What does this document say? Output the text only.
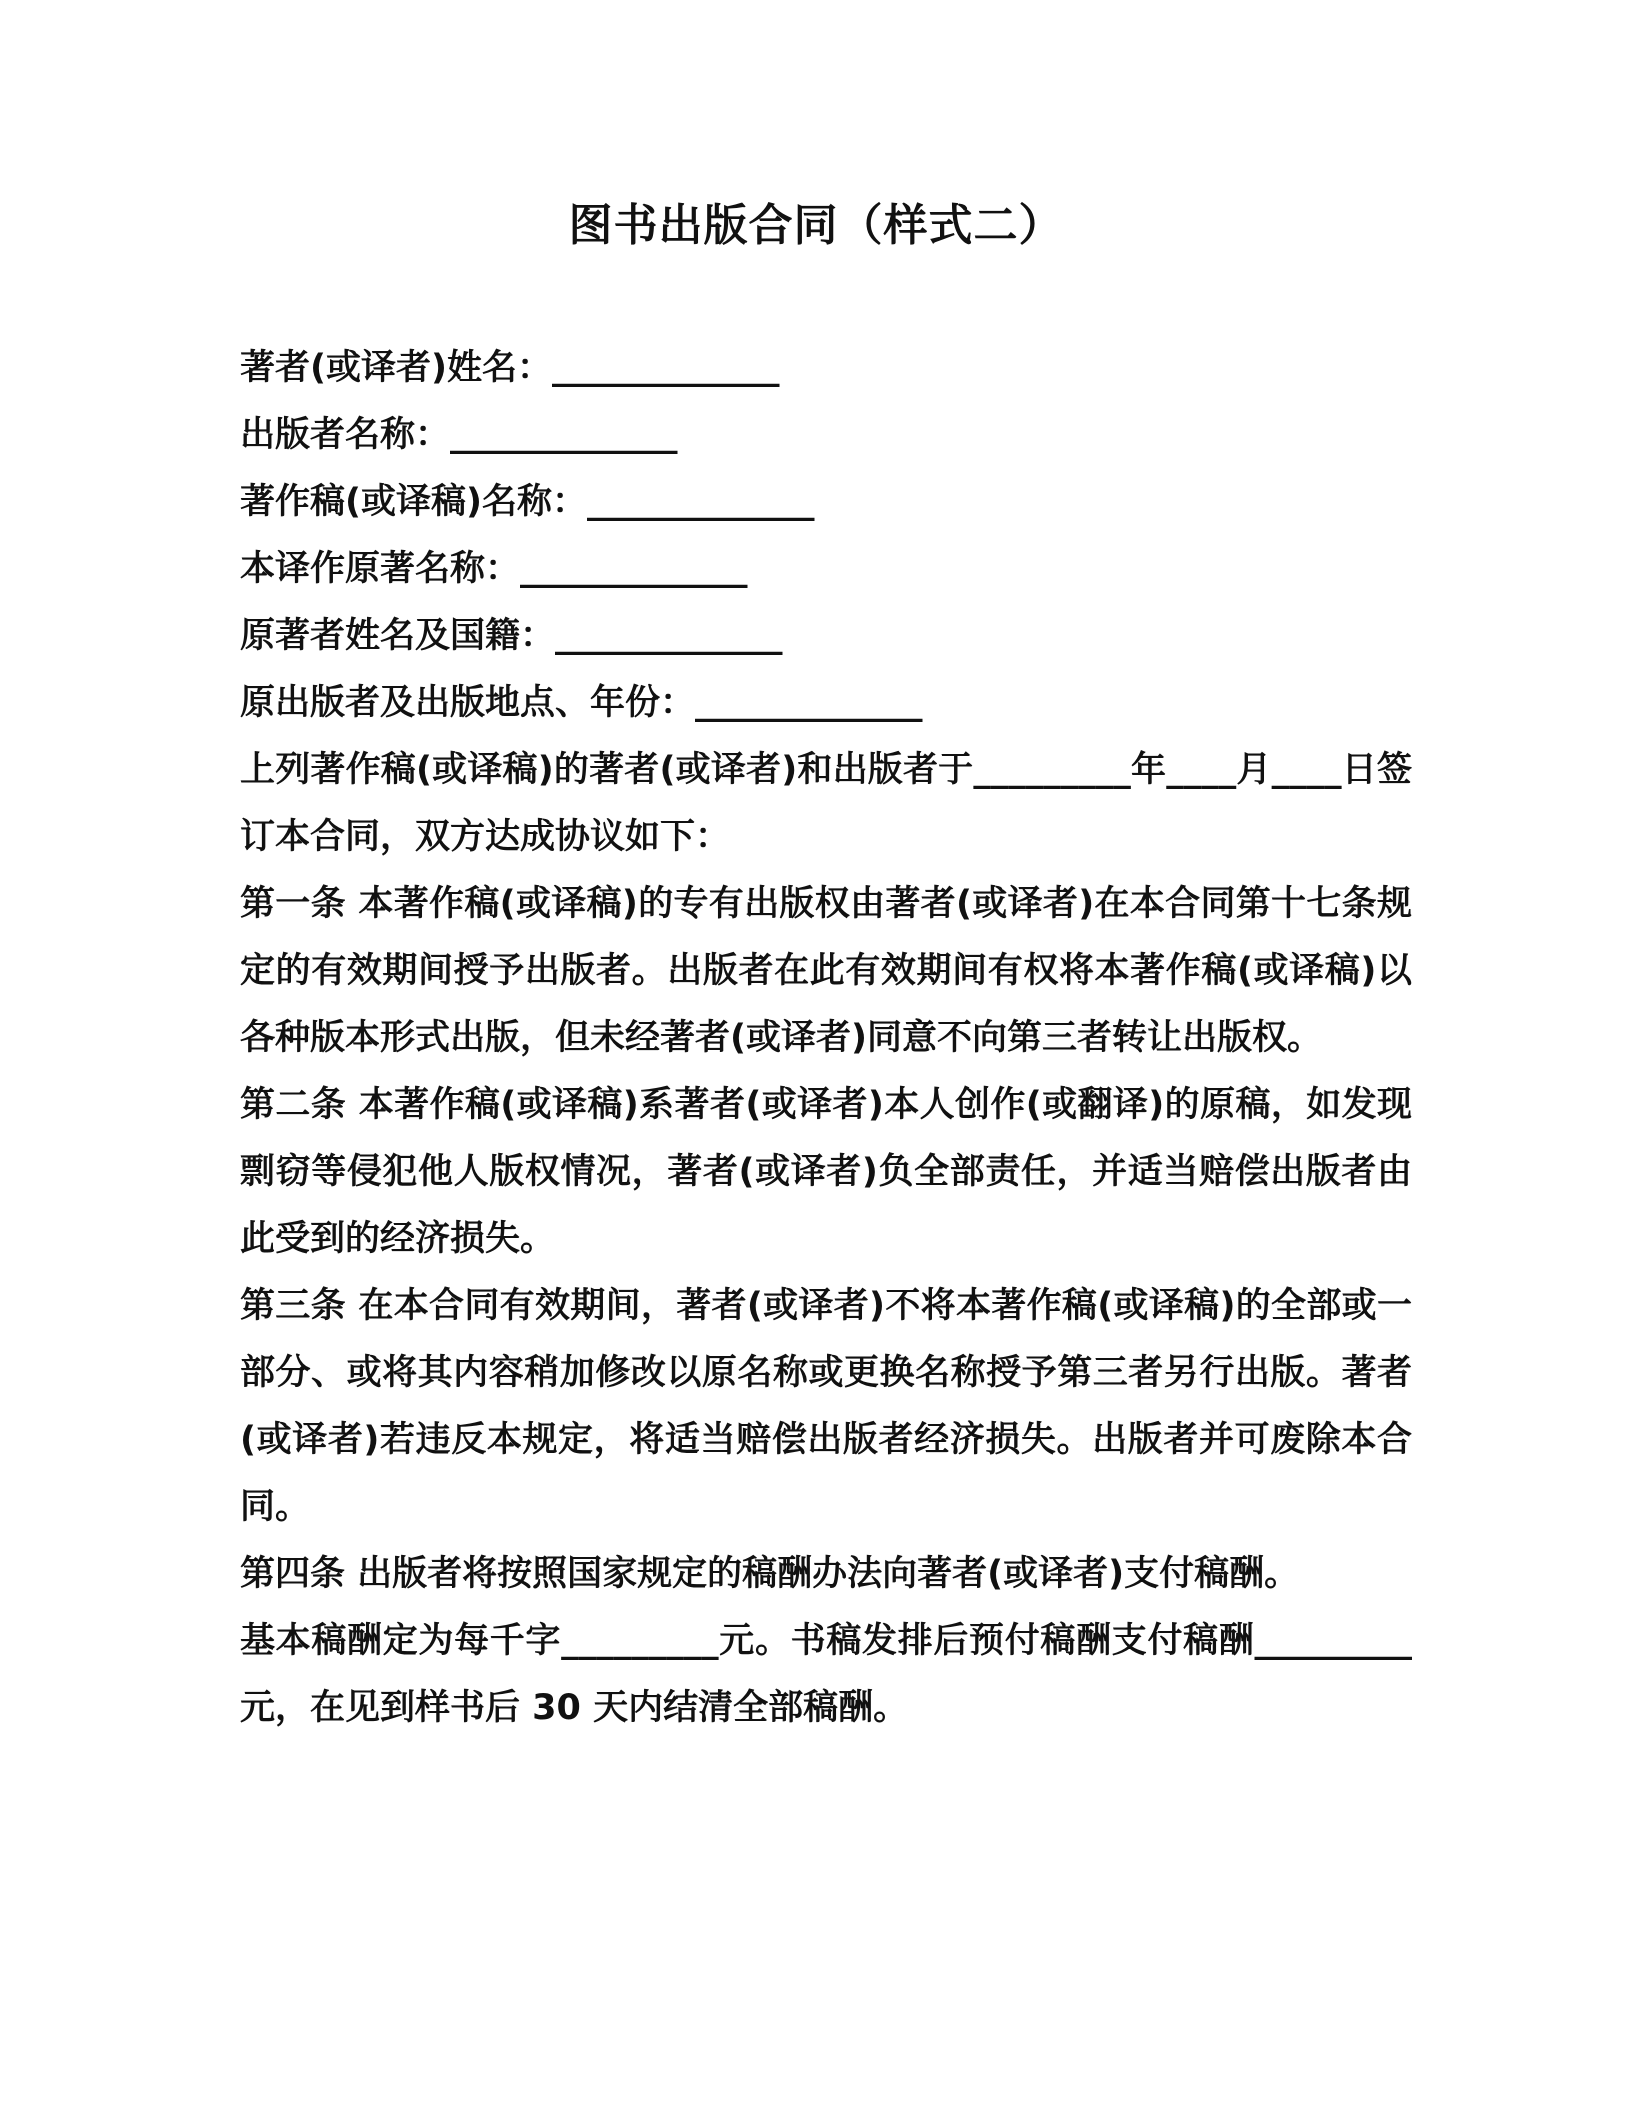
图书出版合同（样式二）

著者(或译者)姓名：_____________

出版者名称：_____________

著作稿(或译稿)名称：_____________

本译作原著名称：_____________

原著者姓名及国籍：_____________

原出版者及出版地点、年份：_____________

上列著作稿(或译稿)的著者(或译者)和出版者于_________年____月____日签订本合同，双方达成协议如下：

第一条 本著作稿(或译稿)的专有出版权由著者(或译者)在本合同第十七条规定的有效期间授予出版者。出版者在此有效期间有权将本著作稿(或译稿)以各种版本形式出版，但未经著者(或译者)同意不向第三者转让出版权。

第二条 本著作稿(或译稿)系著者(或译者)本人创作(或翻译)的原稿，如发现剽窃等侵犯他人版权情况，著者(或译者)负全部责任，并适当赔偿出版者由此受到的经济损失。

第三条 在本合同有效期间，著者(或译者)不将本著作稿(或译稿)的全部或一部分、或将其内容稍加修改以原名称或更换名称授予第三者另行出版。著者(或译者)若违反本规定，将适当赔偿出版者经济损失。出版者并可废除本合同。

第四条 出版者将按照国家规定的稿酬办法向著者(或译者)支付稿酬。

基本稿酬定为每千字_________元。书稿发排后预付稿酬支付稿酬_________元，在见到样书后 30 天内结清全部稿酬。
